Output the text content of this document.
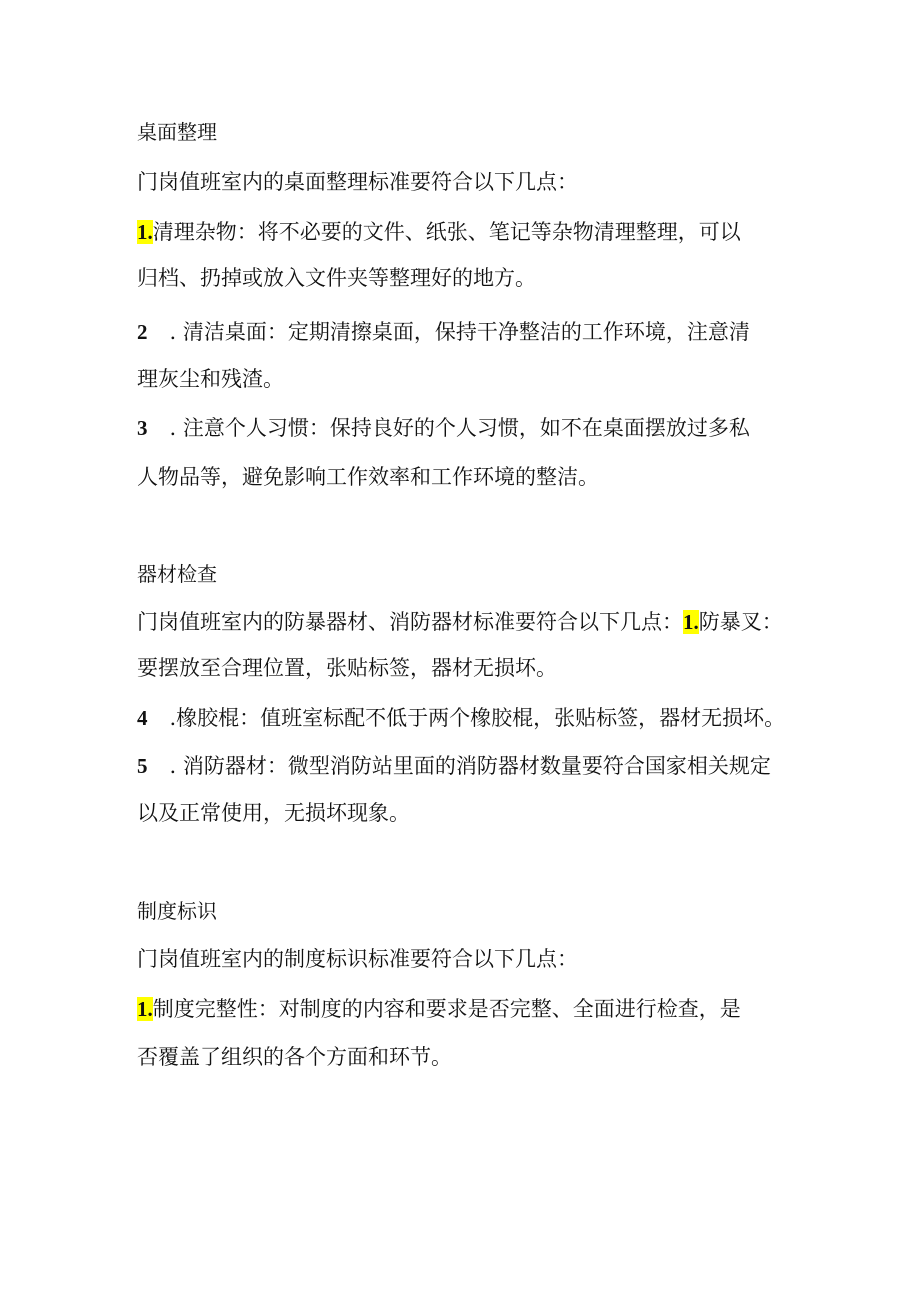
桌面整理
门岗值班室内的桌面整理标准要符合以下几点：
1.清理杂物：将不必要的文件、纸张、笔记等杂物清理整理，可以
归档、扔掉或放入文件夹等整理好的地方。
2 . 清洁桌面：定期清擦桌面，保持干净整洁的工作环境，注意清
理灰尘和残渣。
3 . 注意个人习惯：保持良好的个人习惯，如不在桌面摆放过多私
人物品等，避免影响工作效率和工作环境的整洁。
器材检查
门岗值班室内的防暴器材、消防器材标准要符合以下几点：1.防暴叉：
要摆放至合理位置，张贴标签，器材无损坏。
4 .橡胶棍：值班室标配不低于两个橡胶棍，张贴标签，器材无损坏。
5 . 消防器材：微型消防站里面的消防器材数量要符合国家相关规定
以及正常使用，无损坏现象。
制度标识
门岗值班室内的制度标识标准要符合以下几点：
1.制度完整性：对制度的内容和要求是否完整、全面进行检查，是
否覆盖了组织的各个方面和环节。
